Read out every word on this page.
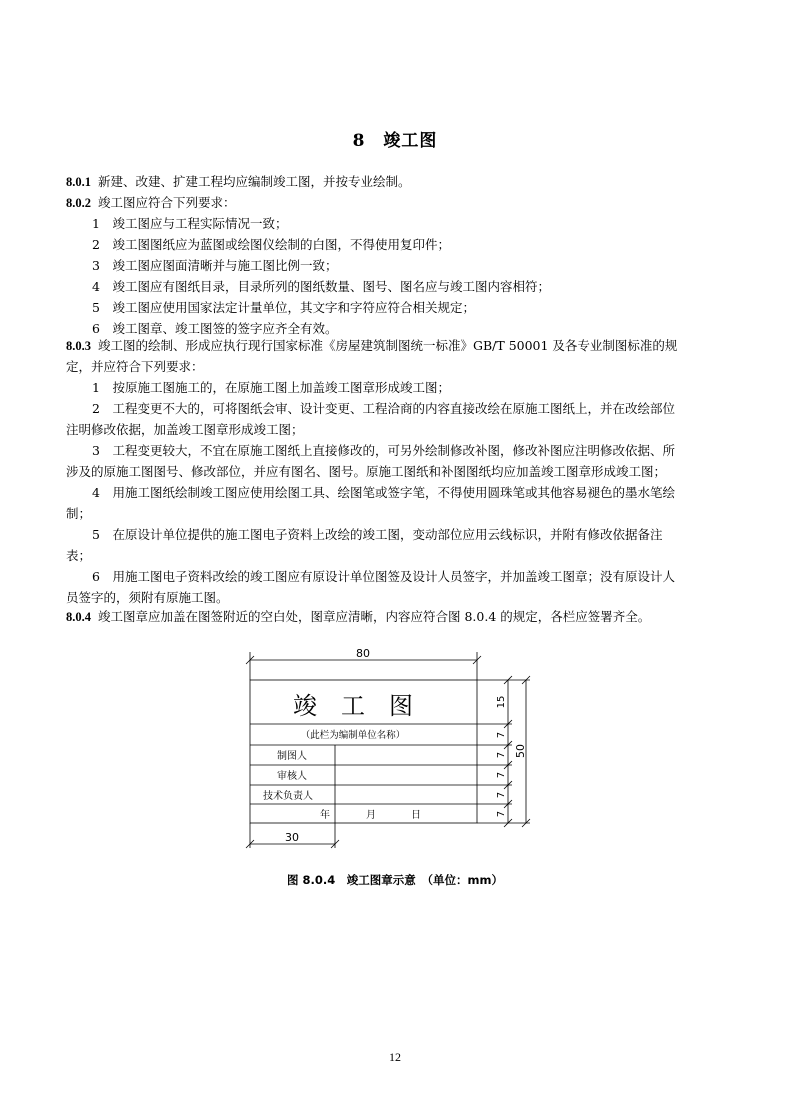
8　竣工图
8.0.1 新建、改建、扩建工程均应编制竣工图，并按专业绘制。
8.0.2 竣工图应符合下列要求：
1　竣工图应与工程实际情况一致；
2　竣工图图纸应为蓝图或绘图仪绘制的白图，不得使用复印件；
3　竣工图应图面清晰并与施工图比例一致；
4　竣工图应有图纸目录，目录所列的图纸数量、图号、图名应与竣工图内容相符；
5　竣工图应使用国家法定计量单位，其文字和字符应符合相关规定；
6　竣工图章、竣工图签的签字应齐全有效。
8.0.3 竣工图的绘制、形成应执行现行国家标准《房屋建筑制图统一标准》GB/T 50001 及各专业制图标准的规
定，并应符合下列要求：
1　按原施工图施工的，在原施工图上加盖竣工图章形成竣工图；
2　工程变更不大的，可将图纸会审、设计变更、工程洽商的内容直接改绘在原施工图纸上，并在改绘部位
注明修改依据，加盖竣工图章形成竣工图；
3　工程变更较大，不宜在原施工图纸上直接修改的，可另外绘制修改补图，修改补图应注明修改依据、所
涉及的原施工图图号、修改部位，并应有图名、图号。原施工图纸和补图图纸均应加盖竣工图章形成竣工图；
4　用施工图纸绘制竣工图应使用绘图工具、绘图笔或签字笔，不得使用圆珠笔或其他容易褪色的墨水笔绘
制；
5　在原设计单位提供的施工图电子资料上改绘的竣工图，变动部位应用云线标识，并附有修改依据备注
表；
6　用施工图电子资料改绘的竣工图应有原设计单位图签及设计人员签字，并加盖竣工图章；没有原设计人
员签字的，须附有原施工图。
8.0.4 竣工图章应加盖在图签附近的空白处，图章应清晰，内容应符合图 8.0.4 的规定，各栏应签署齐全。
80
30
50
15
7
7
7
7
7
竣　工　图
（此栏为编制单位名称）
制图人
审核人
技术负责人
年	月	日
图 8.0.4　竣工图章示意　（单位：mm）
12
